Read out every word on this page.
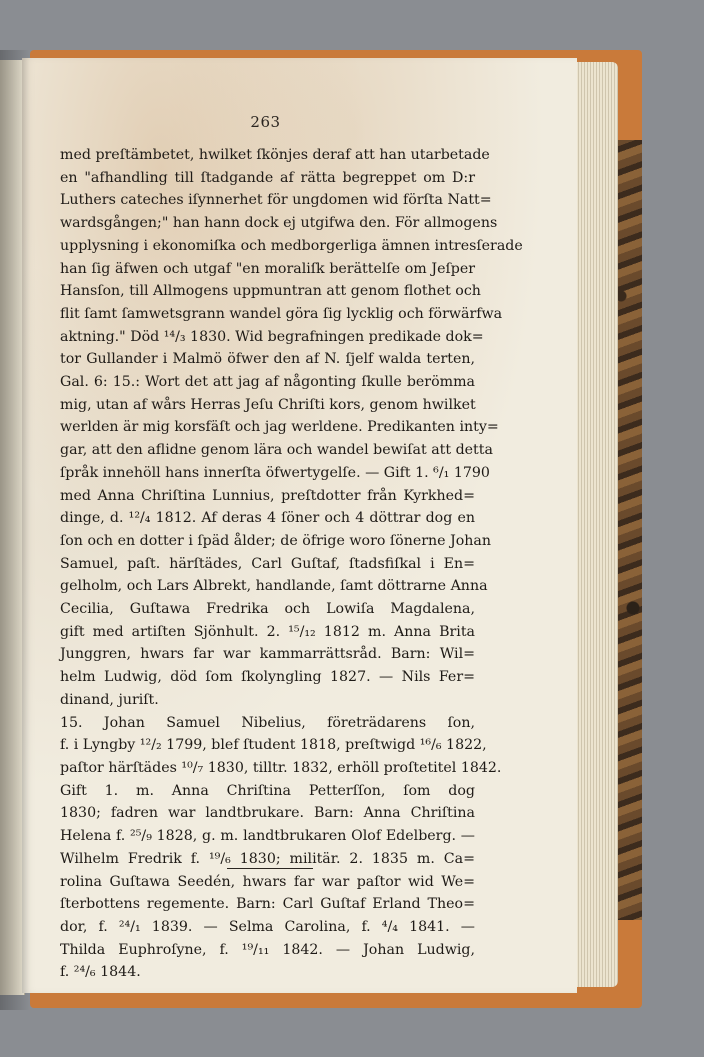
263
med preſtämbetet, hwilket ſkönjes deraf att han utarbetade
en "afhandling till ſtadgande af rätta begreppet om D:r
Luthers cateches iſynnerhet för ungdomen wid förſta Natt=
wardsgången;" han hann dock ej utgifwa den. För allmogens
upplysning i ekonomiſka och medborgerliga ämnen intresſerade
han ſig äfwen och utgaf "en moraliſk berättelſe om Jeſper
Hansſon, till Allmogens uppmuntran att genom flothet och
flit ſamt ſamwetsgrann wandel göra ſig lycklig och förwärfwa
aktning." Död ¹⁴/₃ 1830. Wid begrafningen predikade dok=
tor Gullander i Malmö öfwer den af N. ſjelf walda terten,
Gal. 6: 15.: Wort det att jag af någonting ſkulle berömma
mig, utan af wårs Herras Jeſu Chriſti kors, genom hwilket
werlden är mig korsfäſt och jag werldene. Predikanten inty=
gar, att den aflidne genom lära och wandel bewiſat att detta
ſpråk innehöll hans innerſta öfwertygelſe. — Gift 1. ⁶/₁ 1790
med Anna Chriſtina Lunnius, preſtdotter från Kyrkhed=
dinge, d. ¹²/₄ 1812. Af deras 4 ſöner och 4 döttrar dog en
ſon och en dotter i ſpäd ålder; de öfrige woro ſönerne Johan
Samuel, paſt. härſtädes, Carl Guſtaf, ſtadsfiſkal i En=
gelholm, och Lars Albrekt, handlande, ſamt döttrarne Anna
Cecilia, Guſtawa Fredrika och Lowiſa Magdalena,
gift med artiſten Sjönhult. 2. ¹⁵/₁₂ 1812 m. Anna Brita
Junggren, hwars far war kammarrättsråd. Barn: Wil=
helm Ludwig, död ſom ſkolyngling 1827. — Nils Fer=
dinand, juriſt.
15. Johan Samuel Nibelius, företrädarens ſon,
f. i Lyngby ¹²/₂ 1799, blef ſtudent 1818, preſtwigd ¹⁶/₆ 1822,
paſtor härſtädes ¹⁰/₇ 1830, tilltr. 1832, erhöll proſtetitel 1842.
Gift 1. m. Anna Chriſtina Petterſſon, ſom dog
1830; fadren war landtbrukare. Barn: Anna Chriſtina
Helena f. ²⁵/₉ 1828, g. m. landtbrukaren Olof Edelberg. —
Wilhelm Fredrik f. ¹⁹/₆ 1830; militär. 2. 1835 m. Ca=
rolina Guſtawa Seedén, hwars far war paſtor wid We=
ſterbottens regemente. Barn: Carl Guſtaf Erland Theo=
dor, f. ²⁴/₁ 1839. — Selma Carolina, f. ⁴/₄ 1841. —
Thilda Euphroſyne, f. ¹⁹/₁₁ 1842. — Johan Ludwig,
f. ²⁴/₆ 1844.
